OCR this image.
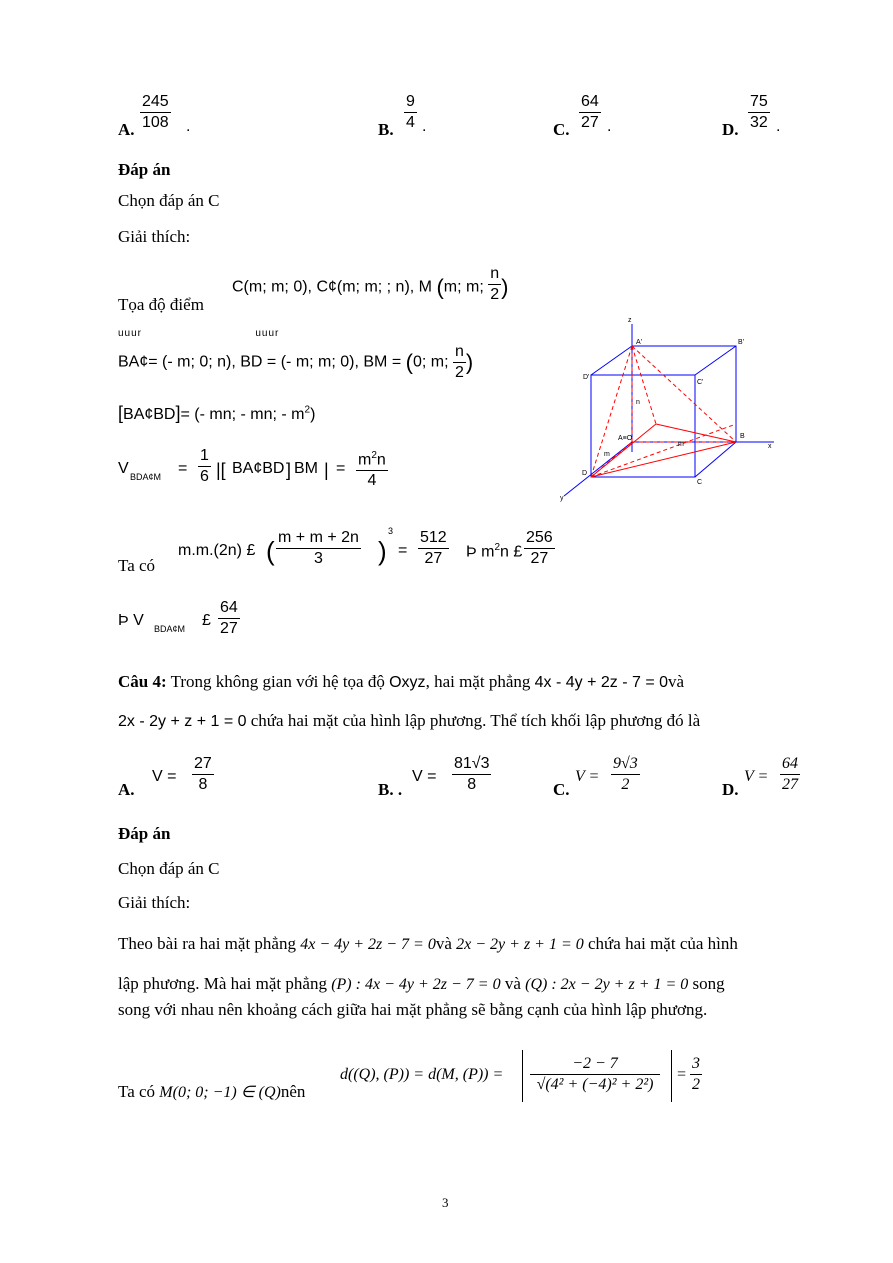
A. $\frac{245}{108}$ .	B. $\frac{9}{4}$ .	C. $\frac{64}{27}$ .	D. $\frac{75}{32}$ .
Đáp án
Chọn đáp án C
Giải thích:
Tọa độ điểm
C(m; m; 0), C¢(m; m; ; n), M (m; m; $\frac{n}{2}$ )
BA¢= (- m; 0; n), BD = (- m; m; 0), BM = (0; m; $\frac{n}{2}$ )
uuur                              uuur
[BA¢BD]= (- mn; - mn; - $m^2$)
V BDA¢M = $\frac{1}{6}$ |[ BA¢BD ] BM | = $\frac{m^2n}{4}$
Ta có
m.m.(2n) £ ( $\frac{m + m + 2n}{3}$ )
3
= $\frac{512}{27}$ Þ $m^2n$ £ $\frac{256}{27}$
Þ V BDA¢M £ $\frac{64}{27}$
z
A'	B'
D'
C'
A≡O	B
C
D
n
m
m	x
y
Câu 4: Trong không gian với hệ tọa độ Oxyz, hai mặt phẳng 4x - 4y + 2z - 7 = 0và
2x - 2y + z + 1 = 0 chứa hai mặt của hình lập phương. Thể tích khối lập phương đó là
A.
$V = \frac{27}{8}$	B. .
$V = \frac{81√3}{8}$	C.
$V = \frac{9√3}{2}$	D.
$V = \frac{64}{27}$
Đáp án
Chọn đáp án C
Giải thích:
Theo bài ra hai mặt phẳng 4x − 4y + 2z − 7 = 0và 2x − 2y + z + 1 = 0 chứa hai mặt của hình
lập phương. Mà hai mặt phẳng (P) : 4x − 4y + 2z − 7 = 0 và (Q) : 2x − 2y + z + 1 = 0 song
song với nhau nên khoảng cách giữa hai mặt phẳng sẽ bằng cạnh của hình lập phương.
Ta có M(0; 0; −1) ∈ (Q)nên
d((Q), (P)) = d(M, $(P)) = \frac{-2 - 7}{\text{√(4² + (−4)² + 2²)}} = \frac{3}{2}$
3
